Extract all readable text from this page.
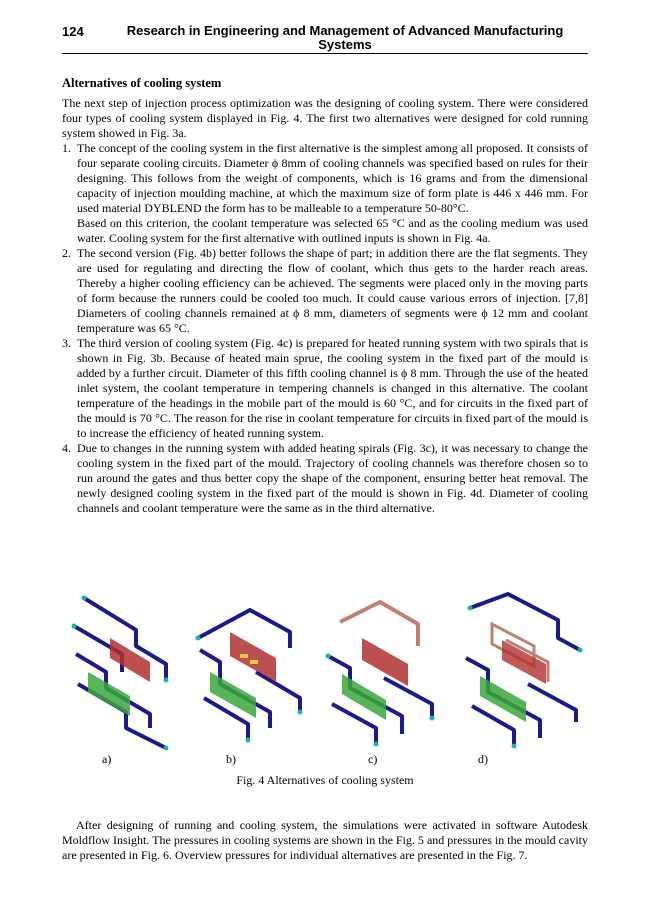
124	Research in Engineering and Management of Advanced Manufacturing Systems
Alternatives of cooling system

The next step of injection process optimization was the designing of cooling system. There were considered four types of cooling system displayed in Fig. 4. The first two alternatives were designed for cold running system showed in Fig. 3a.

1. The concept of the cooling system in the first alternative is the simplest among all proposed. It consists of four separate cooling circuits. Diameter ϕ 8mm of cooling channels was specified based on rules for their designing. This follows from the weight of components, which is 16 grams and from the dimensional capacity of injection moulding machine, at which the maximum size of form plate is 446 x 446 mm. For used material DYBLEND the form has to be malleable to a temperature 50-80°C.
Based on this criterion, the coolant temperature was selected 65 °C and as the cooling medium was used water. Cooling system for the first alternative with outlined inputs is shown in Fig. 4a.
2. The second version (Fig. 4b) better follows the shape of part; in addition there are the flat segments. They are used for regulating and directing the flow of coolant, which thus gets to the harder reach areas. Thereby a higher cooling efficiency can be achieved. The segments were placed only in the moving parts of form because the runners could be cooled too much. It could cause various errors of injection. [7,8] Diameters of cooling channels remained at ϕ 8 mm, diameters of segments were ϕ 12 mm and coolant temperature was 65 °C.
3. The third version of cooling system (Fig. 4c) is prepared for heated running system with two spirals that is shown in Fig. 3b. Because of heated main sprue, the cooling system in the fixed part of the mould is added by a further circuit. Diameter of this fifth cooling channel is ϕ 8 mm. Through the use of the heated inlet system, the coolant temperature in tempering channels is changed in this alternative. The coolant temperature of the headings in the mobile part of the mould is 60 °C, and for circuits in the fixed part of the mould is 70 °C. The reason for the rise in coolant temperature for circuits in fixed part of the mould is to increase the efficiency of heated running system.
4. Due to changes in the running system with added heating spirals (Fig. 3c), it was necessary to change the cooling system in the fixed part of the mould. Trajectory of cooling channels was therefore chosen so to run around the gates and thus better copy the shape of the component, ensuring better heat removal. The newly designed cooling system in the fixed part of the mould is shown in Fig. 4d. Diameter of cooling channels and coolant temperature were the same as in the third alternative.
a)	b)	c)	d)
Fig. 4 Alternatives of cooling system

After designing of running and cooling system, the simulations were activated in software Autodesk Moldflow Insight. The pressures in cooling systems are shown in the Fig. 5 and pressures in the mould cavity are presented in Fig. 6. Overview pressures for individual alternatives are presented in the Fig. 7.
